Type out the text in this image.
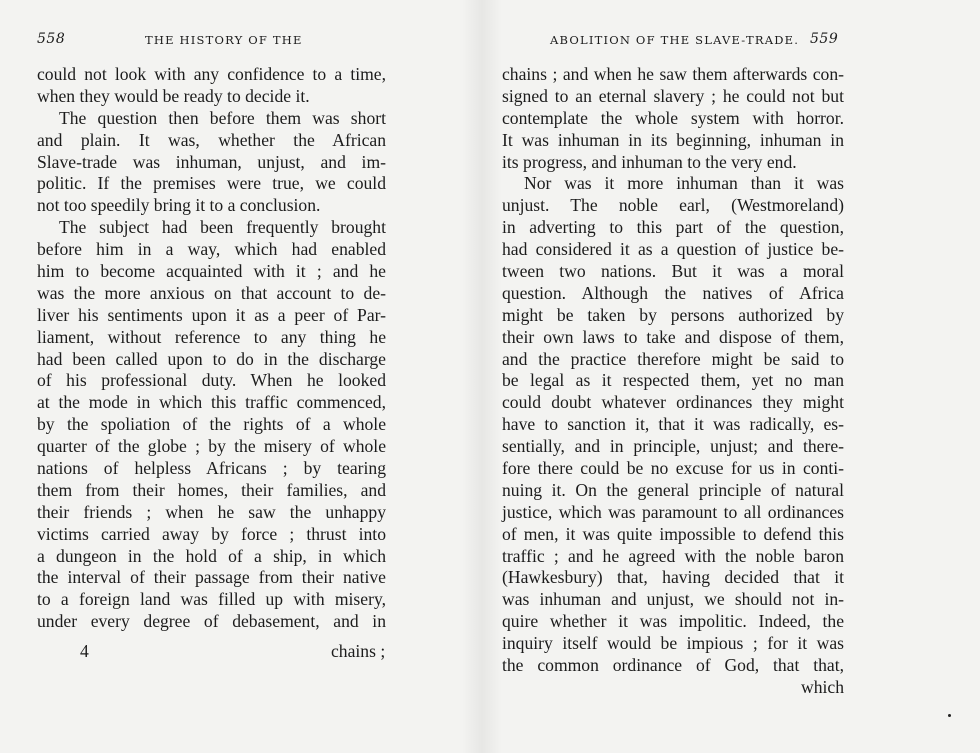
558	THE HISTORY OF THE
could not look with any confidence to a time,
when they would be ready to decide it.
The question then before them was short
and plain. It was, whether the African
Slave-trade was inhuman, unjust, and im-
politic. If the premises were true, we could
not too speedily bring it to a conclusion.
The subject had been frequently brought
before him in a way, which had enabled
him to become acquainted with it ; and he
was the more anxious on that account to de-
liver his sentiments upon it as a peer of Par-
liament, without reference to any thing he
had been called upon to do in the discharge
of his professional duty. When he looked
at the mode in which this traffic commenced,
by the spoliation of the rights of a whole
quarter of the globe ; by the misery of whole
nations of helpless Africans ; by tearing
them from their homes, their families, and
their friends ; when he saw the unhappy
victims carried away by force ; thrust into
a dungeon in the hold of a ship, in which
the interval of their passage from their native
to a foreign land was filled up with misery,
under every degree of debasement, and in
4	chains ;
ABOLITION OF THE SLAVE-TRADE. 559
chains ; and when he saw them afterwards con-
signed to an eternal slavery ; he could not but
contemplate the whole system with horror.
It was inhuman in its beginning, inhuman in
its progress, and inhuman to the very end.
Nor was it more inhuman than it was
unjust. The noble earl, (Westmoreland)
in adverting to this part of the question,
had considered it as a question of justice be-
tween two nations. But it was a moral
question. Although the natives of Africa
might be taken by persons authorized by
their own laws to take and dispose of them,
and the practice therefore might be said to
be legal as it respected them, yet no man
could doubt whatever ordinances they might
have to sanction it, that it was radically, es-
sentially, and in principle, unjust; and there-
fore there could be no excuse for us in conti-
nuing it. On the general principle of natural
justice, which was paramount to all ordinances
of men, it was quite impossible to defend this
traffic ; and he agreed with the noble baron
(Hawkesbury) that, having decided that it
was inhuman and unjust, we should not in-
quire whether it was impolitic. Indeed, the
inquiry itself would be impious ; for it was
the common ordinance of God, that that,
which
